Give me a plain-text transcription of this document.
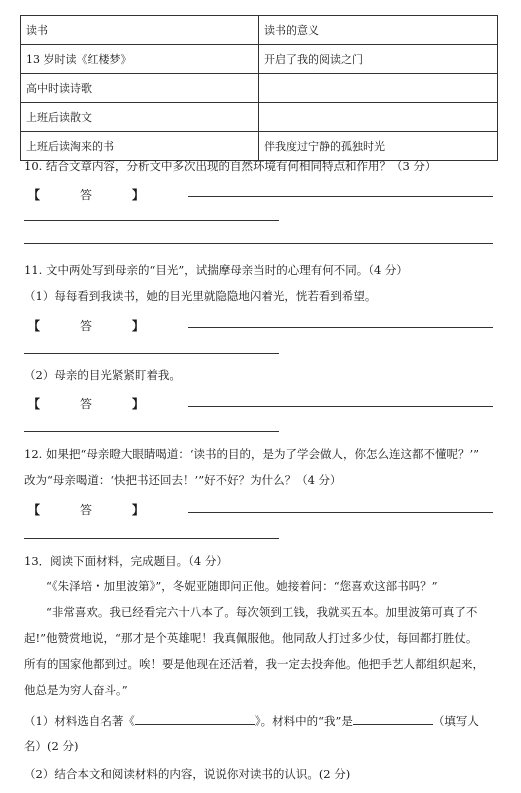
读书	读书的意义
13 岁时读《红楼梦》	开启了我的阅读之门
高中时读诗歌	
上班后读散文	
上班后读淘来的书	伴我度过宁静的孤独时光
10. 结合文章内容，分析文中多次出现的自然环境有何相同特点和作用？（3 分）
【	答	】
11. 文中两处写到母亲的“目光”，试揣摩母亲当时的心理有何不同。（4 分）
（1）每每看到我读书，她的目光里就隐隐地闪着光，恍若看到希望。
【	答	】
（2）母亲的目光紧紧盯着我。
【	答	】
12. 如果把“母亲瞪大眼睛喝道：‘读书的目的，是为了学会做人，你怎么连这都不懂呢？’”
改为“母亲喝道：‘快把书还回去！’”好不好？为什么？（4 分）
【	答	】
13．阅读下面材料，完成题目。（4 分）
“《朱泽培・加里波第》”，冬妮亚随即问正他。她接着问：“您喜欢这部书吗？”
“非常喜欢。我已经看完六十八本了。每次领到工钱，我就买五本。加里波第可真了不
起!”他赞赏地说，“那才是个英雄呢！我真佩服他。他同敌人打过多少仗，每回都打胜仗。
所有的国家他都到过。唉！要是他现在还活着，我一定去投奔他。他把手艺人都组织起来，
他总是为穷人奋斗。”
（1）材料选自名著《	》。材料中的“我”是	（填写人
名）(2 分)
（2）结合本文和阅读材料的内容，说说你对读书的认识。(2 分)
